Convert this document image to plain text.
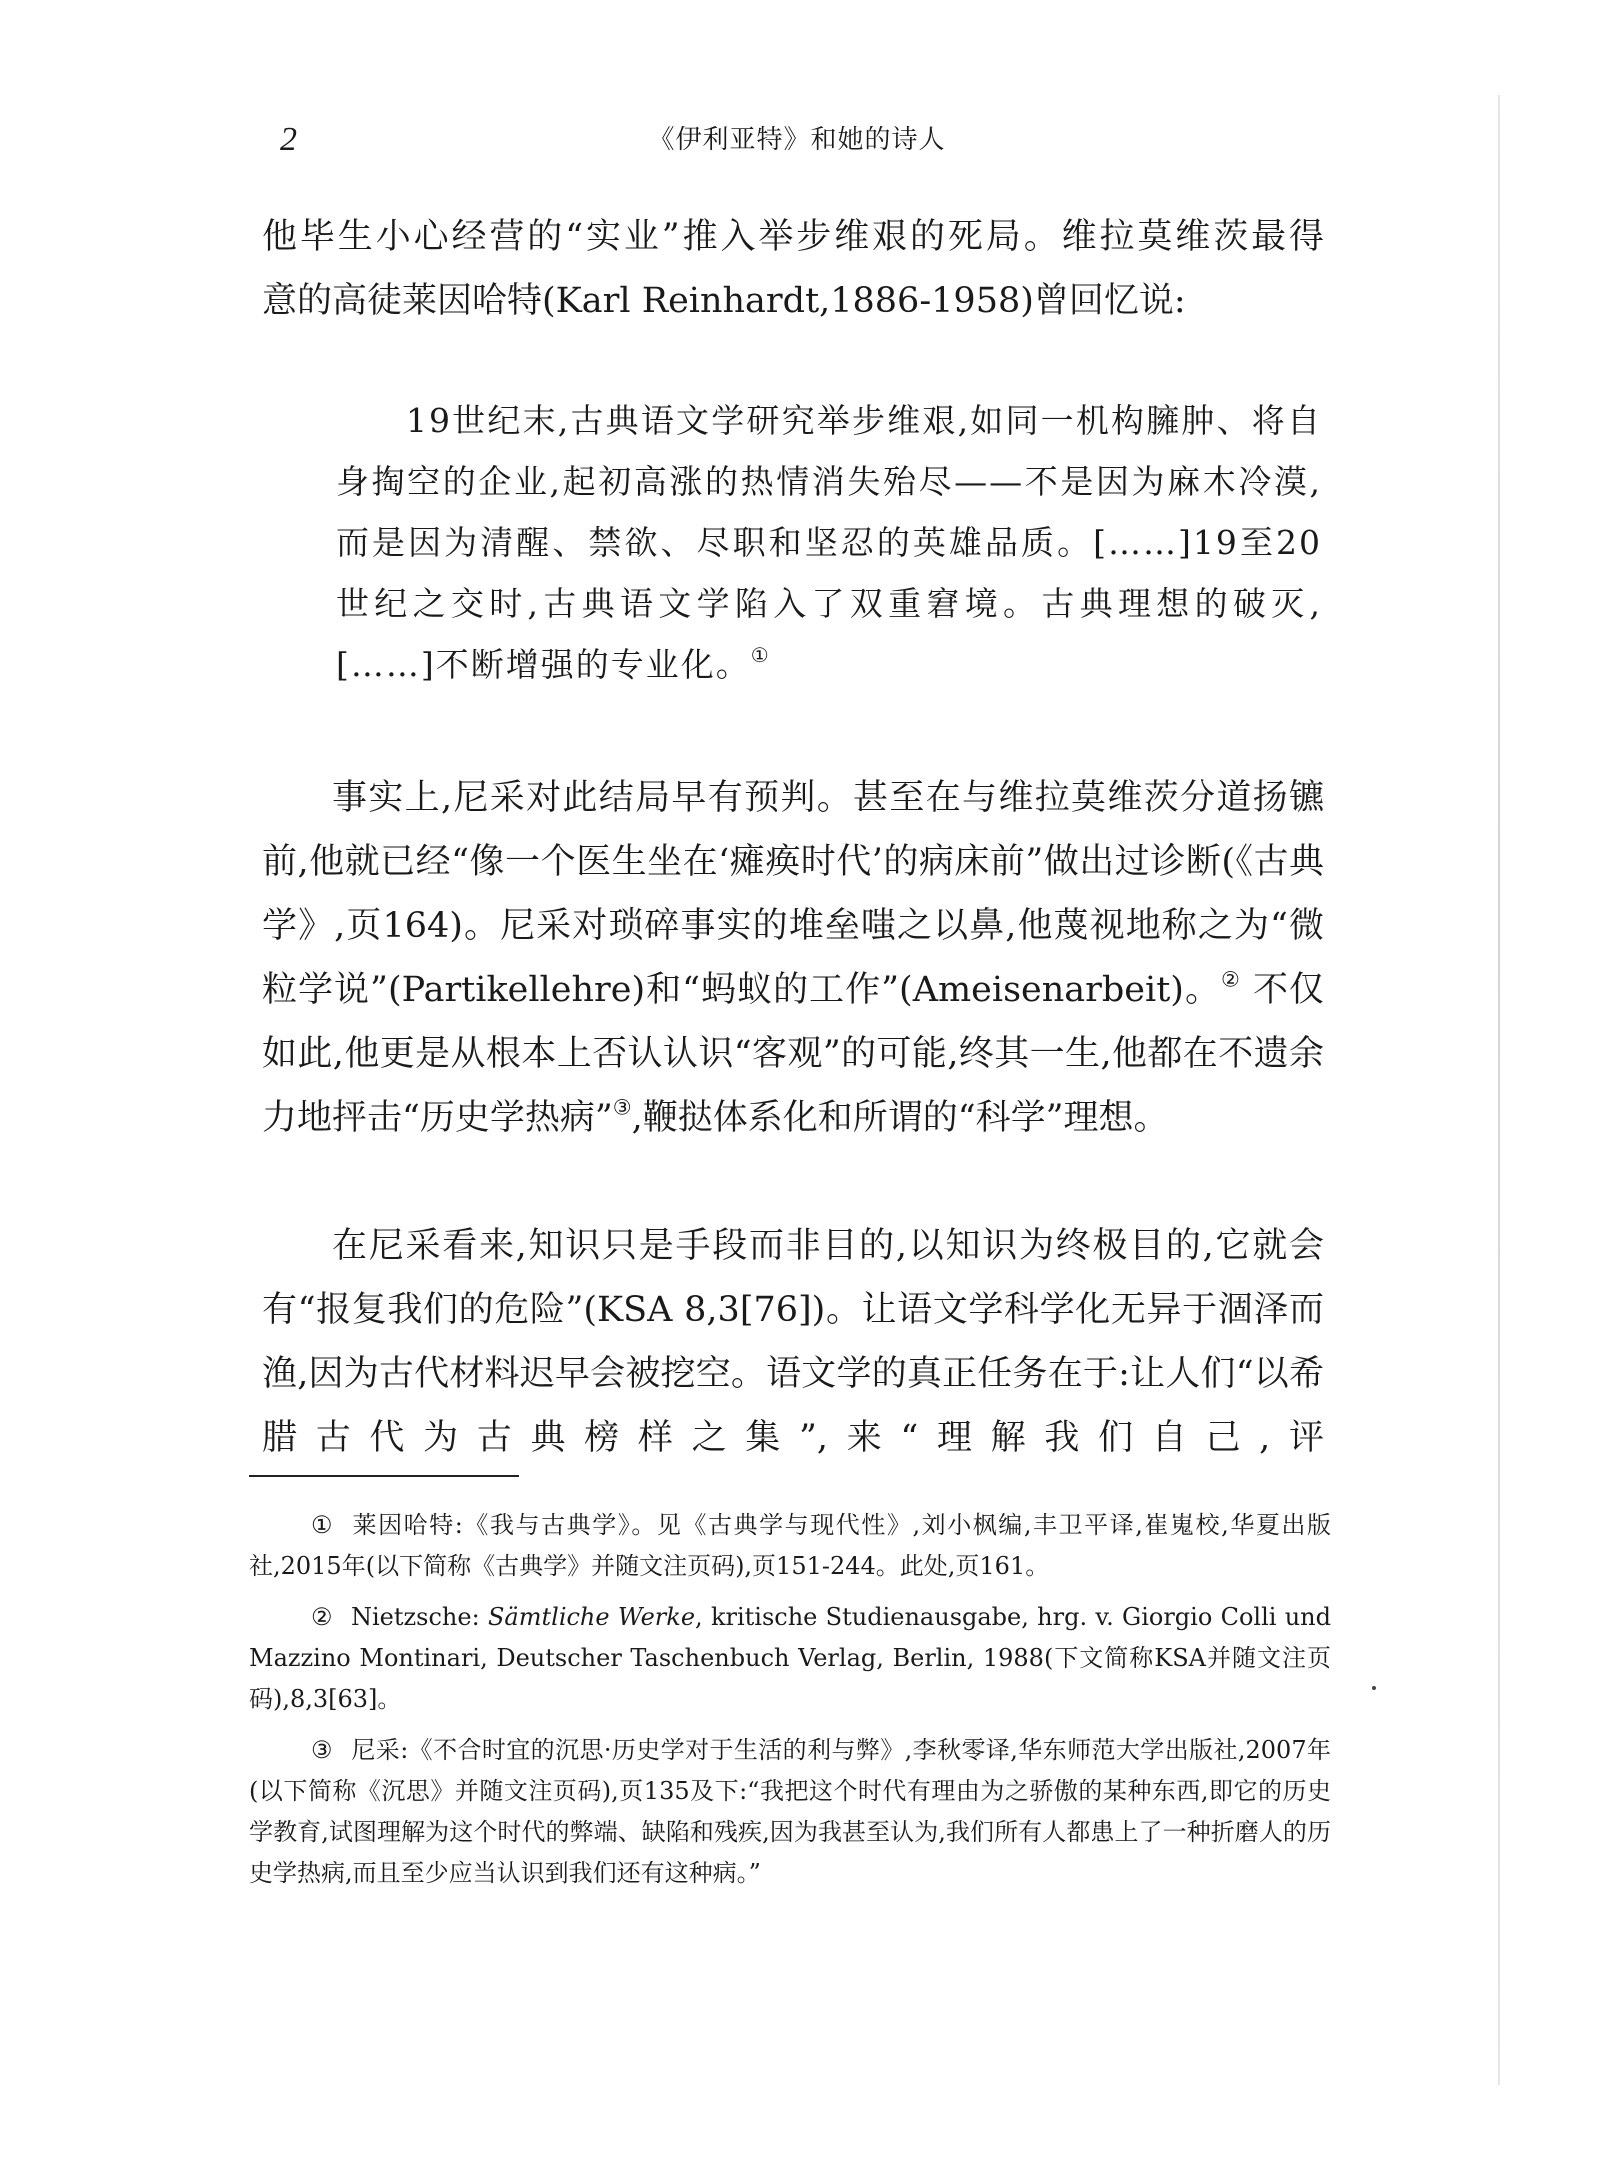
2	《伊利亚特》和她的诗人

他毕生小心经营的“实业”推入举步维艰的死局。维拉莫维茨最得

意的高徒莱因哈特(Karl Reinhardt,1886-1958)曾回忆说:

19世纪末,古典语文学研究举步维艰,如同一机构臃肿、将自身掏空的企业,起初高涨的热情消失殆尽——不是因为麻木冷漠,而是因为清醒、禁欲、尽职和坚忍的英雄品质。[……]19至20世纪之交时,古典语文学陷入了双重窘境。古典理想的破灭,[……]不断增强的专业化。①

事实上,尼采对此结局早有预判。甚至在与维拉莫维茨分道扬镳前,他就已经“像一个医生坐在‘瘫痪时代’的病床前”做出过诊断(《古典学》,页164)。尼采对琐碎事实的堆垒嗤之以鼻,他蔑视地称之为“微粒学说”(Partikellehre)和“蚂蚁的工作”(Ameisenarbeit)。② 不仅如此,他更是从根本上否认认识“客观”的可能,终其一生,他都在不遗余力地抨击“历史学热病”③,鞭挞体系化和所谓的“科学”理想。

在尼采看来,知识只是手段而非目的,以知识为终极目的,它就会有“报复我们的危险”(KSA 8,3[76])。让语文学科学化无异于涸泽而渔,因为古代材料迟早会被挖空。语文学的真正任务在于:让人们“以希腊古代为古典榜样之集”,来“理解我们自己,评

① 莱因哈特:《我与古典学》。见《古典学与现代性》,刘小枫编,丰卫平译,崔嵬校,华夏出版社,2015年(以下简称《古典学》并随文注页码),页151-244。此处,页161。

② Nietzsche: Sämtliche Werke, kritische Studienausgabe, hrg. v. Giorgio Colli und Mazzino Montinari, Deutscher Taschenbuch Verlag, Berlin, 1988(下文简称KSA并随文注页码),8,3[63]。

③ 尼采:《不合时宜的沉思·历史学对于生活的利与弊》,李秋零译,华东师范大学出版社,2007年(以下简称《沉思》并随文注页码),页135及下:“我把这个时代有理由为之骄傲的某种东西,即它的历史学教育,试图理解为这个时代的弊端、缺陷和残疾,因为我甚至认为,我们所有人都患上了一种折磨人的历史学热病,而且至少应当认识到我们还有这种病。”
